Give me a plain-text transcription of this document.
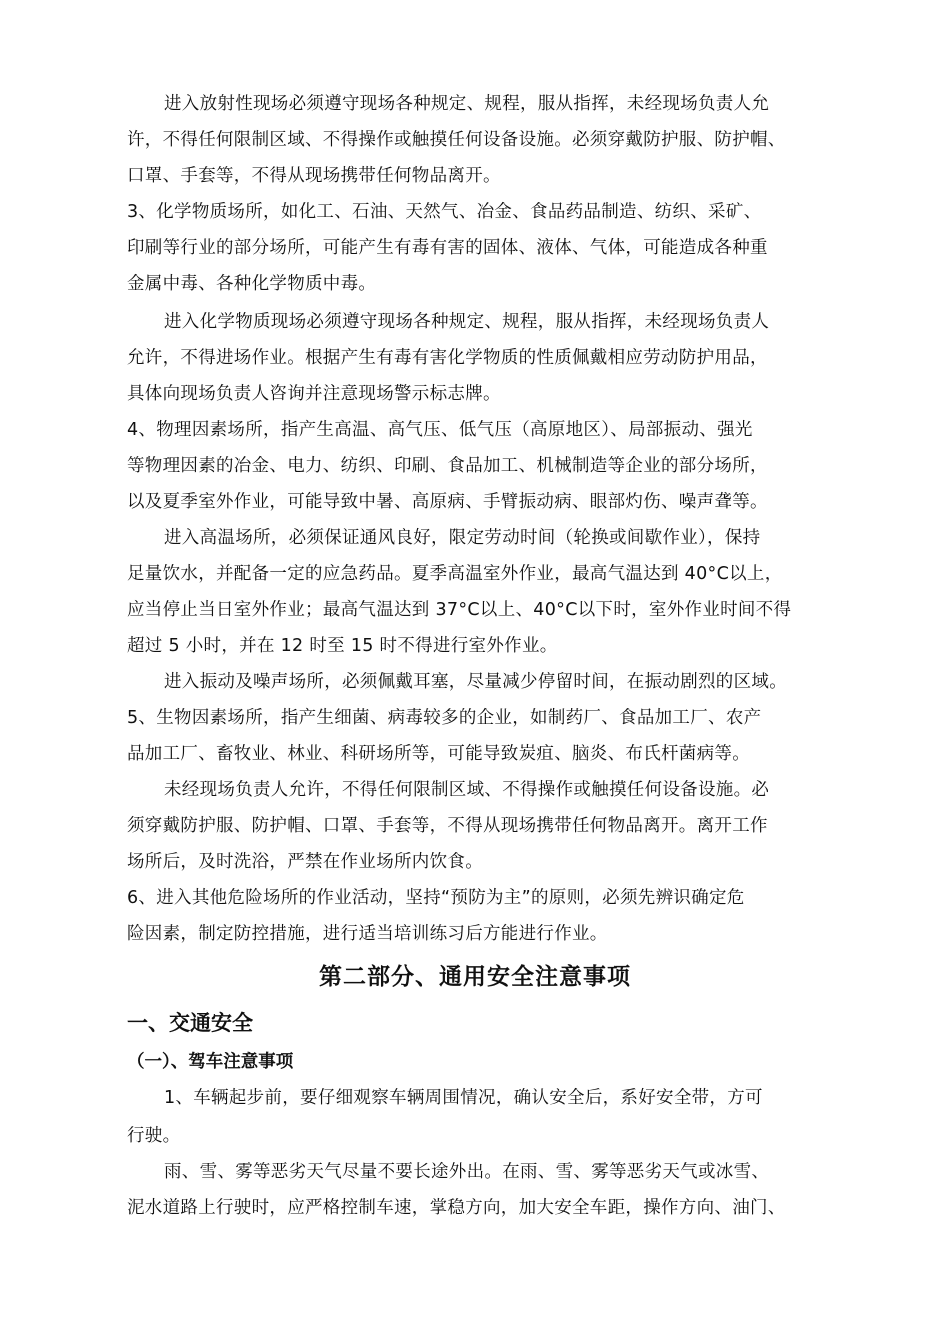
进入放射性现场必须遵守现场各种规定、规程，服从指挥，未经现场负责人允
许，不得任何限制区域、不得操作或触摸任何设备设施。必须穿戴防护服、防护帽、
口罩、手套等，不得从现场携带任何物品离开。
3、化学物质场所，如化工、石油、天然气、冶金、食品药品制造、纺织、采矿、
印刷等行业的部分场所，可能产生有毒有害的固体、液体、气体，可能造成各种重
金属中毒、各种化学物质中毒。
进入化学物质现场必须遵守现场各种规定、规程，服从指挥，未经现场负责人
允许，不得进场作业。根据产生有毒有害化学物质的性质佩戴相应劳动防护用品，
具体向现场负责人咨询并注意现场警示标志牌。
4、物理因素场所，指产生高温、高气压、低气压（高原地区）、局部振动、强光
等物理因素的冶金、电力、纺织、印刷、食品加工、机械制造等企业的部分场所，
以及夏季室外作业，可能导致中暑、高原病、手臂振动病、眼部灼伤、噪声聋等。
进入高温场所，必须保证通风良好，限定劳动时间（轮换或间歇作业），保持
足量饮水，并配备一定的应急药品。夏季高温室外作业，最高气温达到 40°C以上，
应当停止当日室外作业；最高气温达到 37°C以上、40°C以下时，室外作业时间不得
超过 5 小时，并在 12 时至 15 时不得进行室外作业。
进入振动及噪声场所，必须佩戴耳塞，尽量减少停留时间，在振动剧烈的区域。
5、生物因素场所，指产生细菌、病毒较多的企业，如制药厂、食品加工厂、农产
品加工厂、畜牧业、林业、科研场所等，可能导致炭疽、脑炎、布氏杆菌病等。
未经现场负责人允许，不得任何限制区域、不得操作或触摸任何设备设施。必
须穿戴防护服、防护帽、口罩、手套等，不得从现场携带任何物品离开。离开工作
场所后，及时洗浴，严禁在作业场所内饮食。
6、进入其他危险场所的作业活动，坚持“预防为主”的原则，必须先辨识确定危
险因素，制定防控措施，进行适当培训练习后方能进行作业。
第二部分、通用安全注意事项
一、交通安全
（一）、驾车注意事项
1、车辆起步前，要仔细观察车辆周围情况，确认安全后，系好安全带，方可
行驶。
雨、雪、雾等恶劣天气尽量不要长途外出。在雨、雪、雾等恶劣天气或冰雪、
泥水道路上行驶时，应严格控制车速，掌稳方向，加大安全车距，操作方向、油门、
